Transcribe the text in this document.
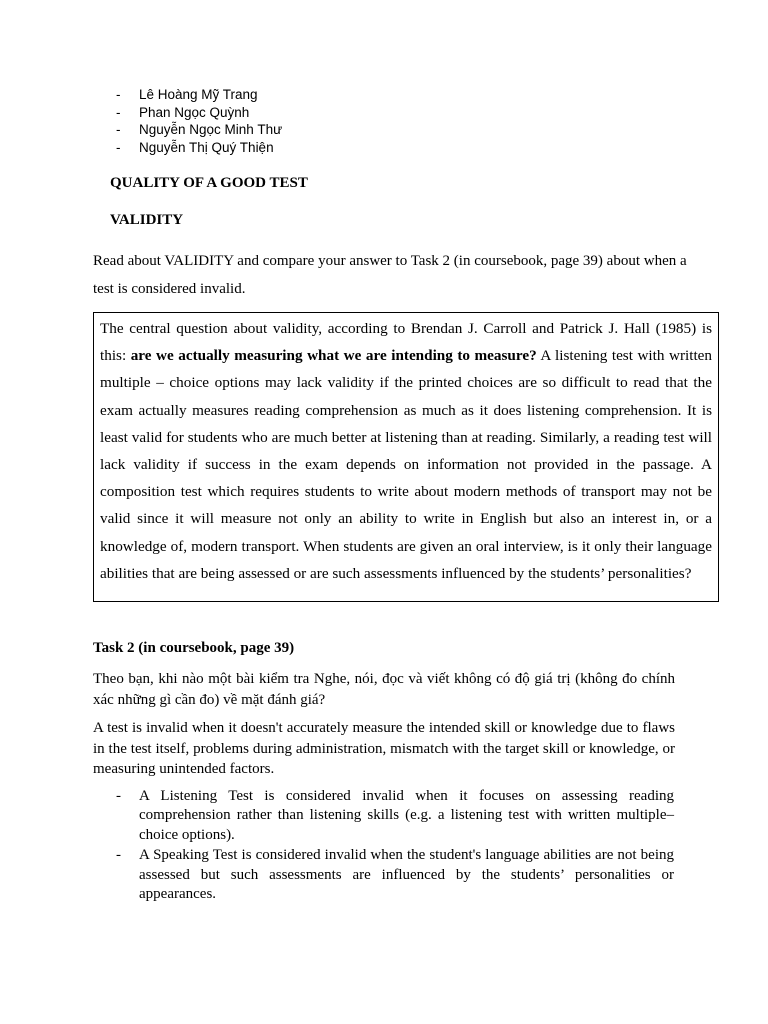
- Lê Hoàng Mỹ Trang
- Phan Ngọc Quỳnh
- Nguyễn Ngọc Minh Thư
- Nguyễn Thị Quý Thiện
QUALITY OF A GOOD TEST
VALIDITY

Read about VALIDITY and compare your answer to Task 2 (in coursebook, page 39) about when a test is considered invalid.

The central question about validity, according to Brendan J. Carroll and Patrick J. Hall (1985) is this: are we actually measuring what we are intending to measure? A listening test with written multiple – choice options may lack validity if the printed choices are so difficult to read that the exam actually measures reading comprehension as much as it does listening comprehension. It is least valid for students who are much better at listening than at reading. Similarly, a reading test will lack validity if success in the exam depends on information not provided in the passage. A composition test which requires students to write about modern methods of transport may not be valid since it will measure not only an ability to write in English but also an interest in, or a knowledge of, modern transport. When students are given an oral interview, is it only their language abilities that are being assessed or are such assessments influenced by the students’ personalities?
Task 2 (in coursebook, page 39)

Theo bạn, khi nào một bài kiểm tra Nghe, nói, đọc và viết không có độ giá trị (không đo chính xác những gì cần đo) về mặt đánh giá?

A test is invalid when it doesn't accurately measure the intended skill or knowledge due to flaws in the test itself, problems during administration, mismatch with the target skill or knowledge, or measuring unintended factors.

- A Listening Test is considered invalid when it focuses on assessing reading comprehension rather than listening skills (e.g. a listening test with written multiple–choice options).
- A Speaking Test is considered invalid when the student's language abilities are not being assessed but such assessments are influenced by the students’ personalities or appearances.
